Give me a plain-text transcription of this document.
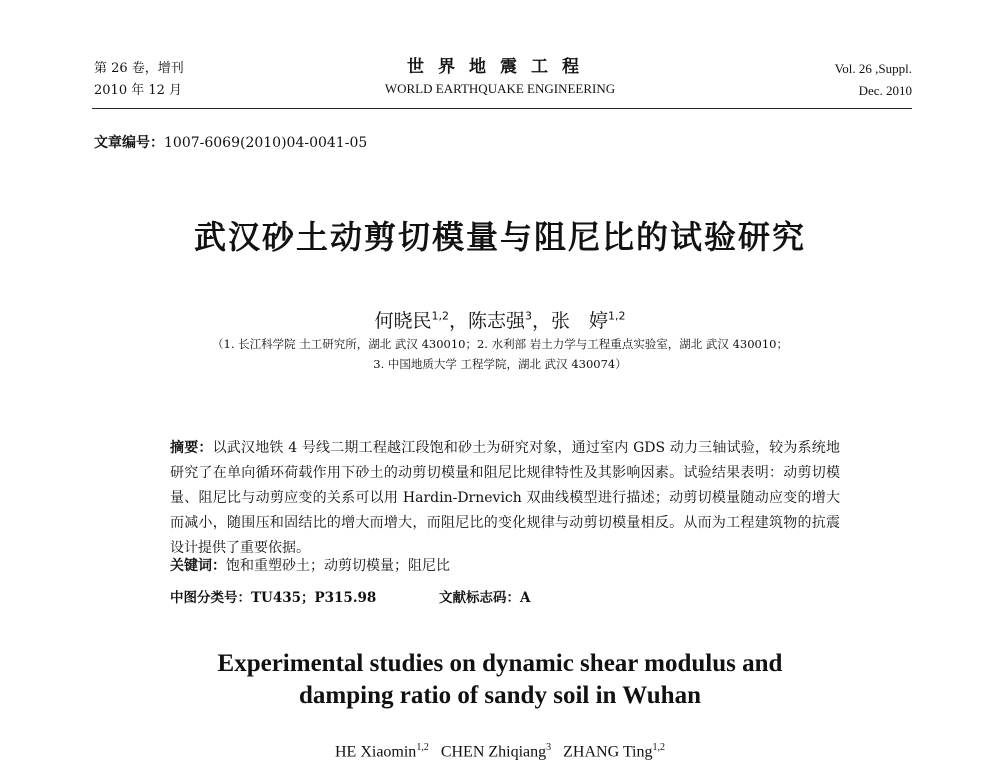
第 26 卷，增刊
2010 年 12 月
世界地震工程
WORLD EARTHQUAKE ENGINEERING
Vol. 26 ,Suppl.
Dec. 2010
文章编号：1007-6069(2010)04-0041-05
武汉砂土动剪切模量与阻尼比的试验研究
何晓民$^{1,2}$，陈志强$^3$，张　婷$^{1,2}$
（1. 长江科学院 土工研究所，湖北 武汉 430010；2. 水利部 岩土力学与工程重点实验室，湖北 武汉 430010；
3. 中国地质大学 工程学院，湖北 武汉 430074）
摘要：以武汉地铁 4 号线二期工程越江段饱和砂土为研究对象，通过室内 GDS 动力三轴试验，较为系统地研究了在单向循环荷载作用下砂土的动剪切模量和阻尼比规律特性及其影响因素。试验结果表明：动剪切模量、阻尼比与动剪应变的关系可以用 Hardin-Drnevich 双曲线模型进行描述；动剪切模量随动应变的增大而减小，随围压和固结比的增大而增大，而阻尼比的变化规律与动剪切模量相反。从而为工程建筑物的抗震设计提供了重要依据。
关键词：饱和重塑砂土；动剪切模量；阻尼比
中图分类号：TU435；P315.98	文献标志码：A
Experimental studies on dynamic shear modulus and
damping ratio of sandy soil in Wuhan
HE Xiaomin$^{1,2}$ CHEN Zhiqiang$^3$ ZHANG Ting$^{1,2}$
